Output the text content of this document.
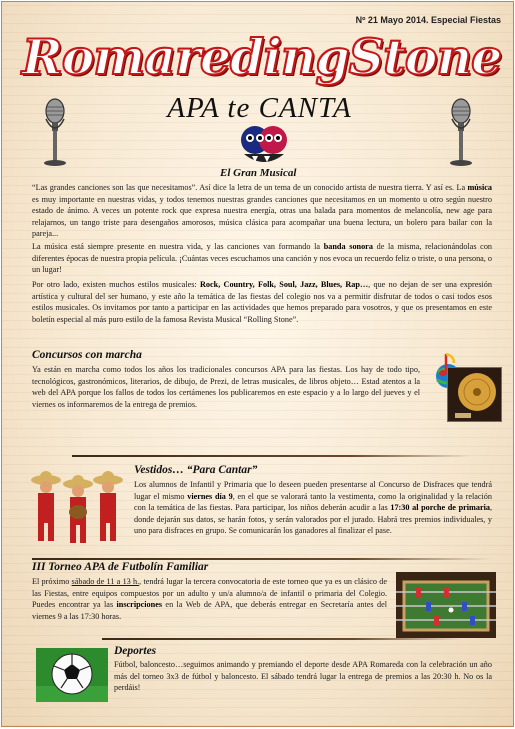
Nº 21 Mayo 2014. Especial Fiestas
RomaredingStone
APA te CANTA
El Gran Musical
“Las grandes canciones son las que necesitamos”. Así dice la letra de un tema de un conocido artista de nuestra tierra. Y así es. La música es muy importante en nuestras vidas, y todos tenemos nuestras grandes canciones que necesitamos en un momento u otro según nuestro estado de ánimo. A veces un potente rock que expresa nuestra energía, otras una balada para momentos de melancolía, new age para relajarnos, un tango triste para desengaños amorosos, música clásica para acompañar una buena lectura, un bolero para bailar con la pareja...
La música está siempre presente en nuestra vida, y las canciones van formando la banda sonora de la misma, relacionándolas con diferentes épocas de nuestra propia película. ¡Cuántas veces escuchamos una canción y nos evoca un recuerdo feliz o triste, o una persona, o un lugar!
Por otro lado, existen muchos estilos musicales: Rock, Country, Folk, Soul, Jazz, Blues, Rap…, que no dejan de ser una expresión artística y cultural del ser humano, y este año la temática de las fiestas del colegio nos va a permitir disfrutar de todos o casi todos esos estilos musicales. Os invitamos por tanto a participar en las actividades que hemos preparado para vosotros, y que os presentamos en este boletín especial al más puro estilo de la famosa Revista Musical “Rolling Stone”.
Concursos con marcha
Ya están en marcha como todos los años los tradicionales concursos APA para las fiestas. Los hay de todo tipo, tecnológicos, gastronómicos, literarios, de dibujo, de Prezi, de letras musicales, de libros objeto… Estad atentos a la web del APA porque los fallos de todos los certámenes los publicaremos en este espacio y a lo largo del jueves y el viernes os informaremos de la entrega de premios.
Vestidos… “Para Cantar”
Los alumnos de Infantil y Primaria que lo deseen pueden presentarse al Concurso de Disfraces que tendrá lugar el mismo viernes día 9, en el que se valorará tanto la vestimenta, como la originalidad y la relación con la temática de las fiestas. Para participar, los niños deberán acudir a las 17:30 al porche de primaria, donde dejarán sus datos, se harán fotos, y serán valorados por el jurado. Habrá tres premios individuales, y uno para disfraces en grupo. Se comunicarán los ganadores al finalizar el pase.
III Torneo APA de Futbolín Familiar
El próximo sábado de 11 a 13 h., tendrá lugar la tercera convocatoria de este torneo que ya es un clásico de las Fiestas, entre equipos compuestos por un adulto y un/a alumno/a de infantil o primaria del Colegio. Puedes encontrar ya las inscripciones en la Web de APA, que deberás entregar en Secretaría antes del viernes 9 a las 17:30 horas.
Deportes
Fútbol, baloncesto…seguimos animando y premiando el deporte desde APA Romareda con la celebración un año más del torneo 3x3 de fútbol y baloncesto. El sábado tendrá lugar la entrega de premios a las 20:30 h. No os la perdáis!
